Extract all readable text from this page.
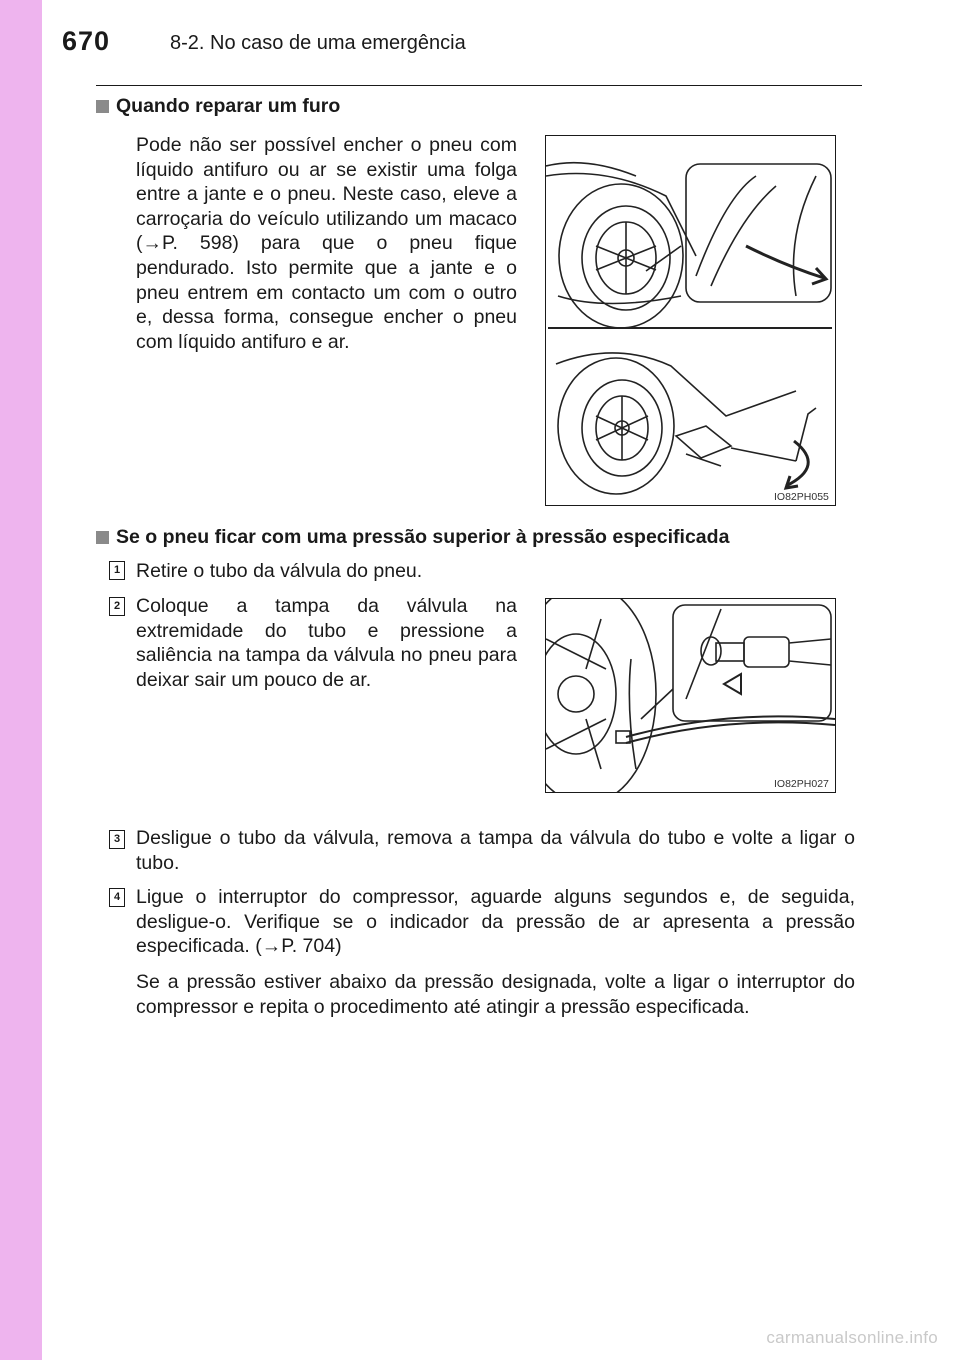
670	8-2. No caso de uma emergência
Quando reparar um furo
Pode não ser possível encher o pneu com líquido antifuro ou ar se existir uma folga entre a jante e o pneu. Neste caso, eleve a carroçaria do veículo utilizando um macaco (→P. 598) para que o pneu fique pendurado. Isto permite que a jante e o pneu entrem em contacto um com o outro e, dessa forma, consegue encher o pneu com líquido antifuro e ar.
IO82PH055
Se o pneu ficar com uma pressão superior à pressão especificada
1 Retire o tubo da válvula do pneu.
2 Coloque a tampa da válvula na extremidade do tubo e pressione a saliência na tampa da válvula no pneu para deixar sair um pouco de ar.
IO82PH027
3 Desligue o tubo da válvula, remova a tampa da válvula do tubo e volte a ligar o tubo.
4 Ligue o interruptor do compressor, aguarde alguns segundos e, de seguida, desligue-o. Verifique se o indicador da pressão de ar apresenta a pressão especificada. (→P. 704)
Se a pressão estiver abaixo da pressão designada, volte a ligar o interruptor do compressor e repita o procedimento até atingir a pressão especificada.
carmanualsonline.info
